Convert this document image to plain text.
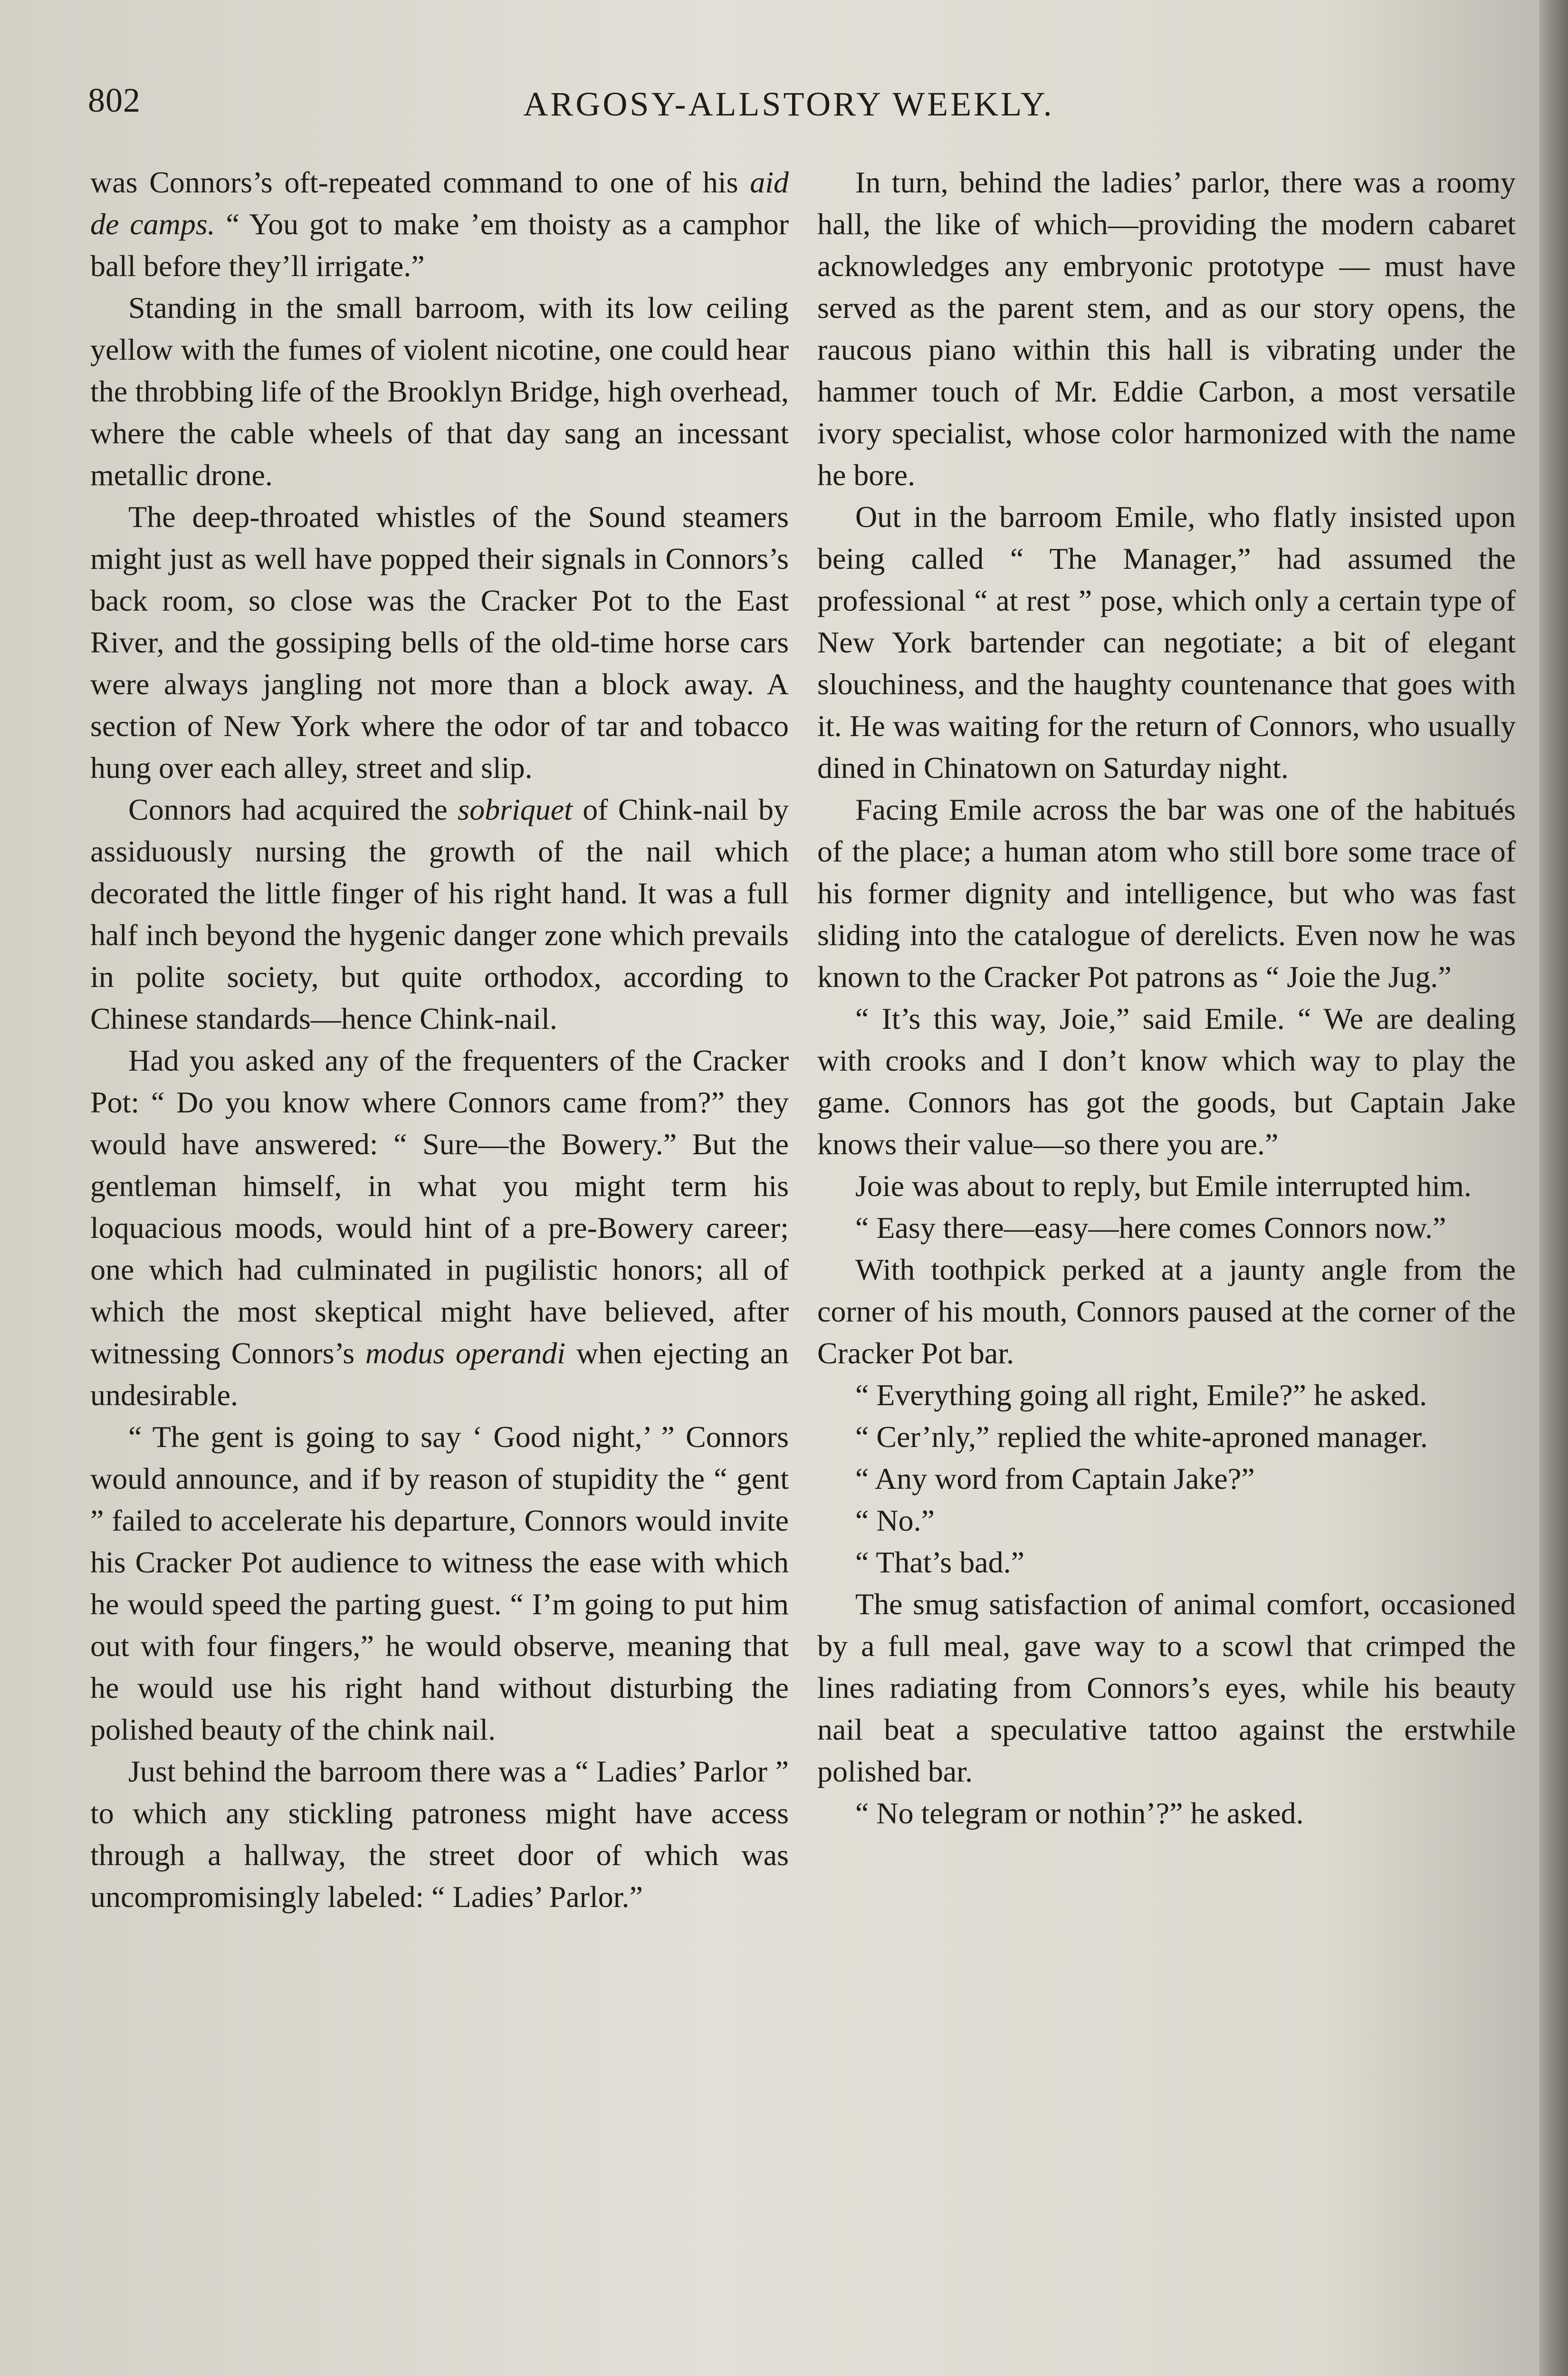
802	ARGOSY-ALLSTORY WEEKLY.

was Connors’s oft-repeated command to one of his aid de camps. “ You got to make ’em thoisty as a camphor ball before they’ll irrigate.”

Standing in the small barroom, with its low ceiling yellow with the fumes of violent nicotine, one could hear the throbbing life of the Brooklyn Bridge, high overhead, where the cable wheels of that day sang an incessant metallic drone.

The deep-throated whistles of the Sound steamers might just as well have popped their signals in Connors’s back room, so close was the Cracker Pot to the East River, and the gossiping bells of the old-time horse cars were always jangling not more than a block away. A section of New York where the odor of tar and tobacco hung over each alley, street and slip.

Connors had acquired the sobriquet of Chink-nail by assiduously nursing the growth of the nail which decorated the little finger of his right hand. It was a full half inch beyond the hygenic danger zone which prevails in polite society, but quite orthodox, according to Chinese standards—hence Chink-nail.

Had you asked any of the frequenters of the Cracker Pot: “ Do you know where Connors came from?” they would have answered: “ Sure—the Bowery.” But the gentleman himself, in what you might term his loquacious moods, would hint of a pre-Bowery career; one which had culminated in pugilistic honors; all of which the most skeptical might have believed, after witnessing Connors’s modus operandi when ejecting an undesirable.

“ The gent is going to say ‘ Good night,’ ” Connors would announce, and if by reason of stupidity the “ gent ” failed to accelerate his departure, Connors would invite his Cracker Pot audience to witness the ease with which he would speed the parting guest. “ I’m going to put him out with four fingers,” he would observe, meaning that he would use his right hand without disturbing the polished beauty of the chink nail.

Just behind the barroom there was a “ Ladies’ Parlor ” to which any stickling patroness might have access through a hallway, the street door of which was uncompromisingly labeled: “ Ladies’ Parlor.”

In turn, behind the ladies’ parlor, there was a roomy hall, the like of which—providing the modern cabaret acknowledges any embryonic prototype — must have served as the parent stem, and as our story opens, the raucous piano within this hall is vibrating under the hammer touch of Mr. Eddie Carbon, a most versatile ivory specialist, whose color harmonized with the name he bore.

Out in the barroom Emile, who flatly insisted upon being called “ The Manager,” had assumed the professional “ at rest ” pose, which only a certain type of New York bartender can negotiate; a bit of elegant slouchiness, and the haughty countenance that goes with it. He was waiting for the return of Connors, who usually dined in Chinatown on Saturday night.

Facing Emile across the bar was one of the habitués of the place; a human atom who still bore some trace of his former dignity and intelligence, but who was fast sliding into the catalogue of derelicts. Even now he was known to the Cracker Pot patrons as “ Joie the Jug.”

“ It’s this way, Joie,” said Emile. “ We are dealing with crooks and I don’t know which way to play the game. Connors has got the goods, but Captain Jake knows their value—so there you are.”

Joie was about to reply, but Emile interrupted him.

“ Easy there—easy—here comes Connors now.”

With toothpick perked at a jaunty angle from the corner of his mouth, Connors paused at the corner of the Cracker Pot bar.

“ Everything going all right, Emile?” he asked.

“ Cer’nly,” replied the white-aproned manager.

“ Any word from Captain Jake?”

“ No.”

“ That’s bad.”

The smug satisfaction of animal comfort, occasioned by a full meal, gave way to a scowl that crimped the lines radiating from Connors’s eyes, while his beauty nail beat a speculative tattoo against the erstwhile polished bar.

“ No telegram or nothin’?” he asked.
